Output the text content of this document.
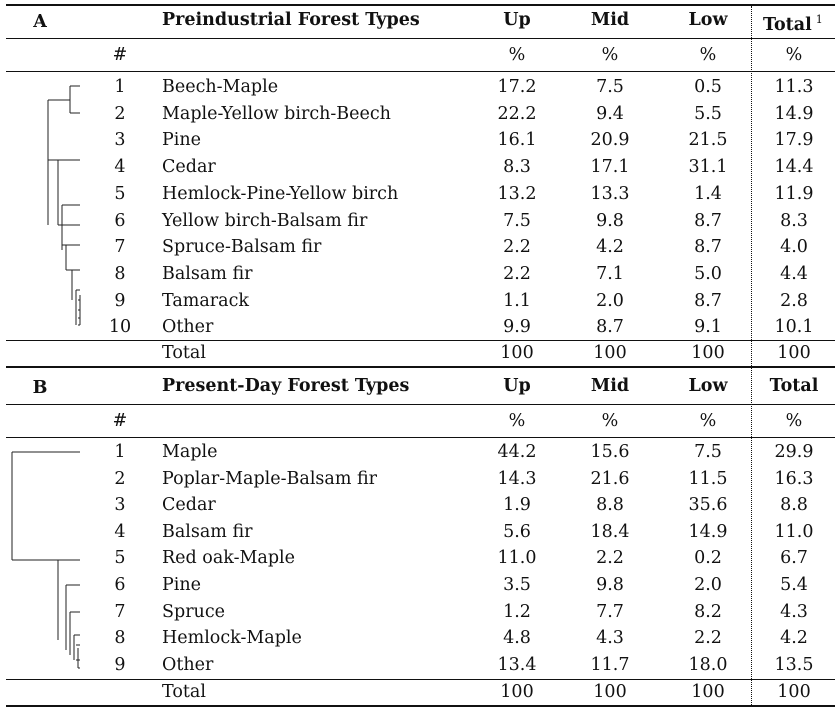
A	Preindustrial Forest Types	Up	Mid	Low	Total $^1$
#	%	%	%	%
1	Beech-Maple	17.2	7.5	0.5	11.3
2	Maple-Yellow birch-Beech	22.2	9.4	5.5	14.9
3	Pine	16.1	20.9	21.5	17.9
4	Cedar	8.3	17.1	31.1	14.4
5	Hemlock-Pine-Yellow birch	13.2	13.3	1.4	11.9
6	Yellow birch-Balsam fir	7.5	9.8	8.7	8.3
7	Spruce-Balsam fir	2.2	4.2	8.7	4.0
8	Balsam fir	2.2	7.1	5.0	4.4
9	Tamarack	1.1	2.0	8.7	2.8
10	Other	9.9	8.7	9.1	10.1
Total	100	100	100	100
B	Present-Day Forest Types	Up	Mid	Low	Total
#	%	%	%	%
1	Maple	44.2	15.6	7.5	29.9
2	Poplar-Maple-Balsam fir	14.3	21.6	11.5	16.3
3	Cedar	1.9	8.8	35.6	8.8
4	Balsam fir	5.6	18.4	14.9	11.0
5	Red oak-Maple	11.0	2.2	0.2	6.7
6	Pine	3.5	9.8	2.0	5.4
7	Spruce	1.2	7.7	8.2	4.3
8	Hemlock-Maple	4.8	4.3	2.2	4.2
9	Other	13.4	11.7	18.0	13.5
Total	100	100	100	100
